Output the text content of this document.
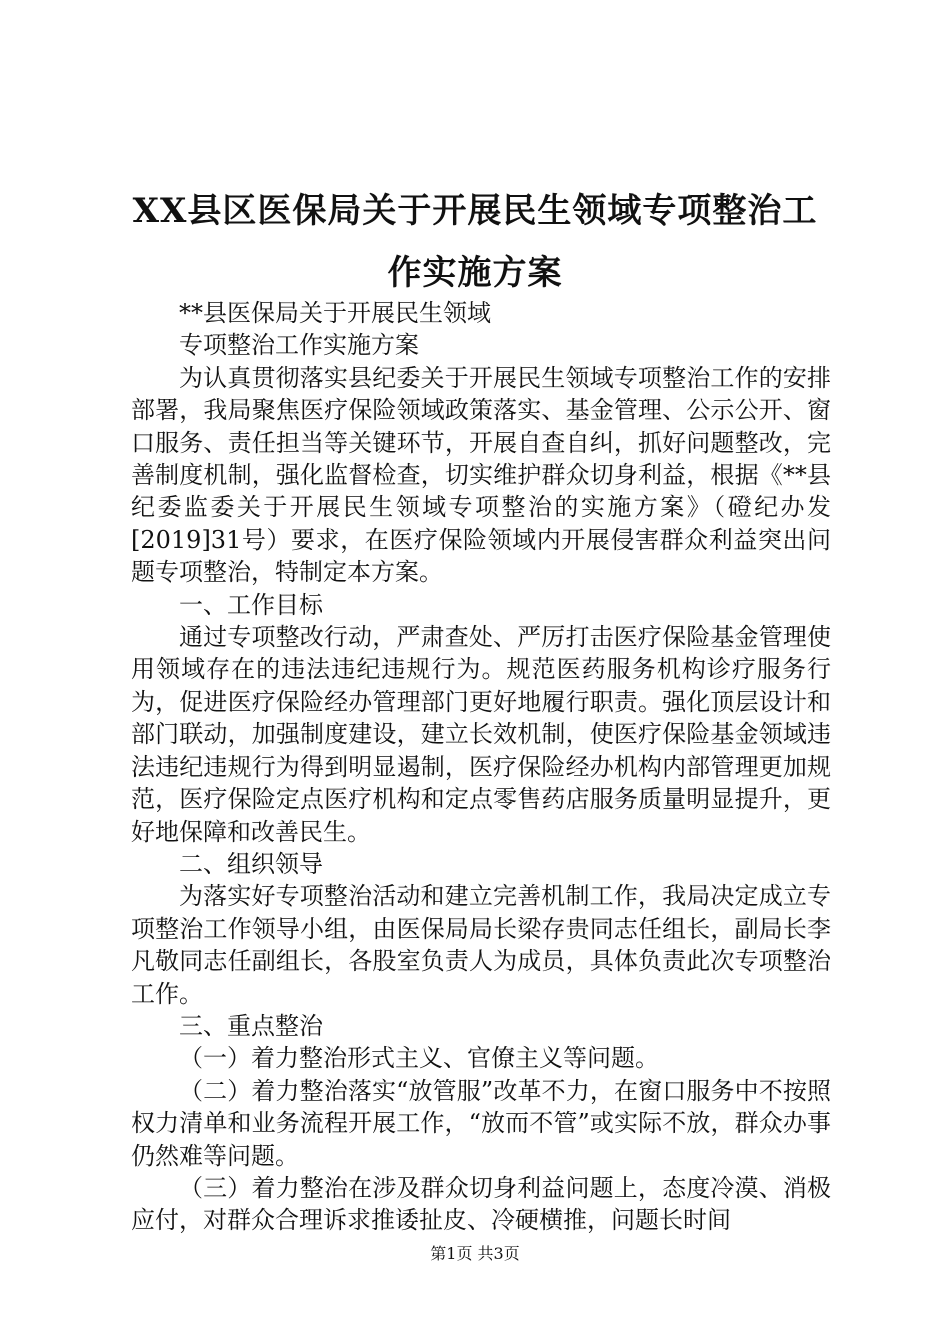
XX县区医保局关于开展民生领域专项整治工作实施方案

**县医保局关于开展民生领域

专项整治工作实施方案

为认真贯彻落实县纪委关于开展民生领域专项整治工作的安排部署，我局聚焦医疗保险领域政策落实、基金管理、公示公开、窗口服务、责任担当等关键环节，开展自查自纠，抓好问题整改，完善制度机制，强化监督检查，切实维护群众切身利益，根据《**县纪委监委关于开展民生领域专项整治的实施方案》（磴纪办发[2019]31号）要求，在医疗保险领域内开展侵害群众利益突出问题专项整治，特制定本方案。

一、工作目标

通过专项整改行动，严肃查处、严厉打击医疗保险基金管理使用领域存在的违法违纪违规行为。规范医药服务机构诊疗服务行为，促进医疗保险经办管理部门更好地履行职责。强化顶层设计和部门联动，加强制度建设，建立长效机制，使医疗保险基金领域违法违纪违规行为得到明显遏制，医疗保险经办机构内部管理更加规范，医疗保险定点医疗机构和定点零售药店服务质量明显提升，更好地保障和改善民生。

二、组织领导

为落实好专项整治活动和建立完善机制工作，我局决定成立专项整治工作领导小组，由医保局局长梁存贵同志任组长，副局长李凡敬同志任副组长，各股室负责人为成员，具体负责此次专项整治工作。

三、重点整治

（一）着力整治形式主义、官僚主义等问题。

（二）着力整治落实“放管服”改革不力，在窗口服务中不按照权力清单和业务流程开展工作，“放而不管”或实际不放，群众办事仍然难等问题。

（三）着力整治在涉及群众切身利益问题上，态度冷漠、消极应付，对群众合理诉求推诿扯皮、冷硬横推，问题长时间

第1页 共3页
